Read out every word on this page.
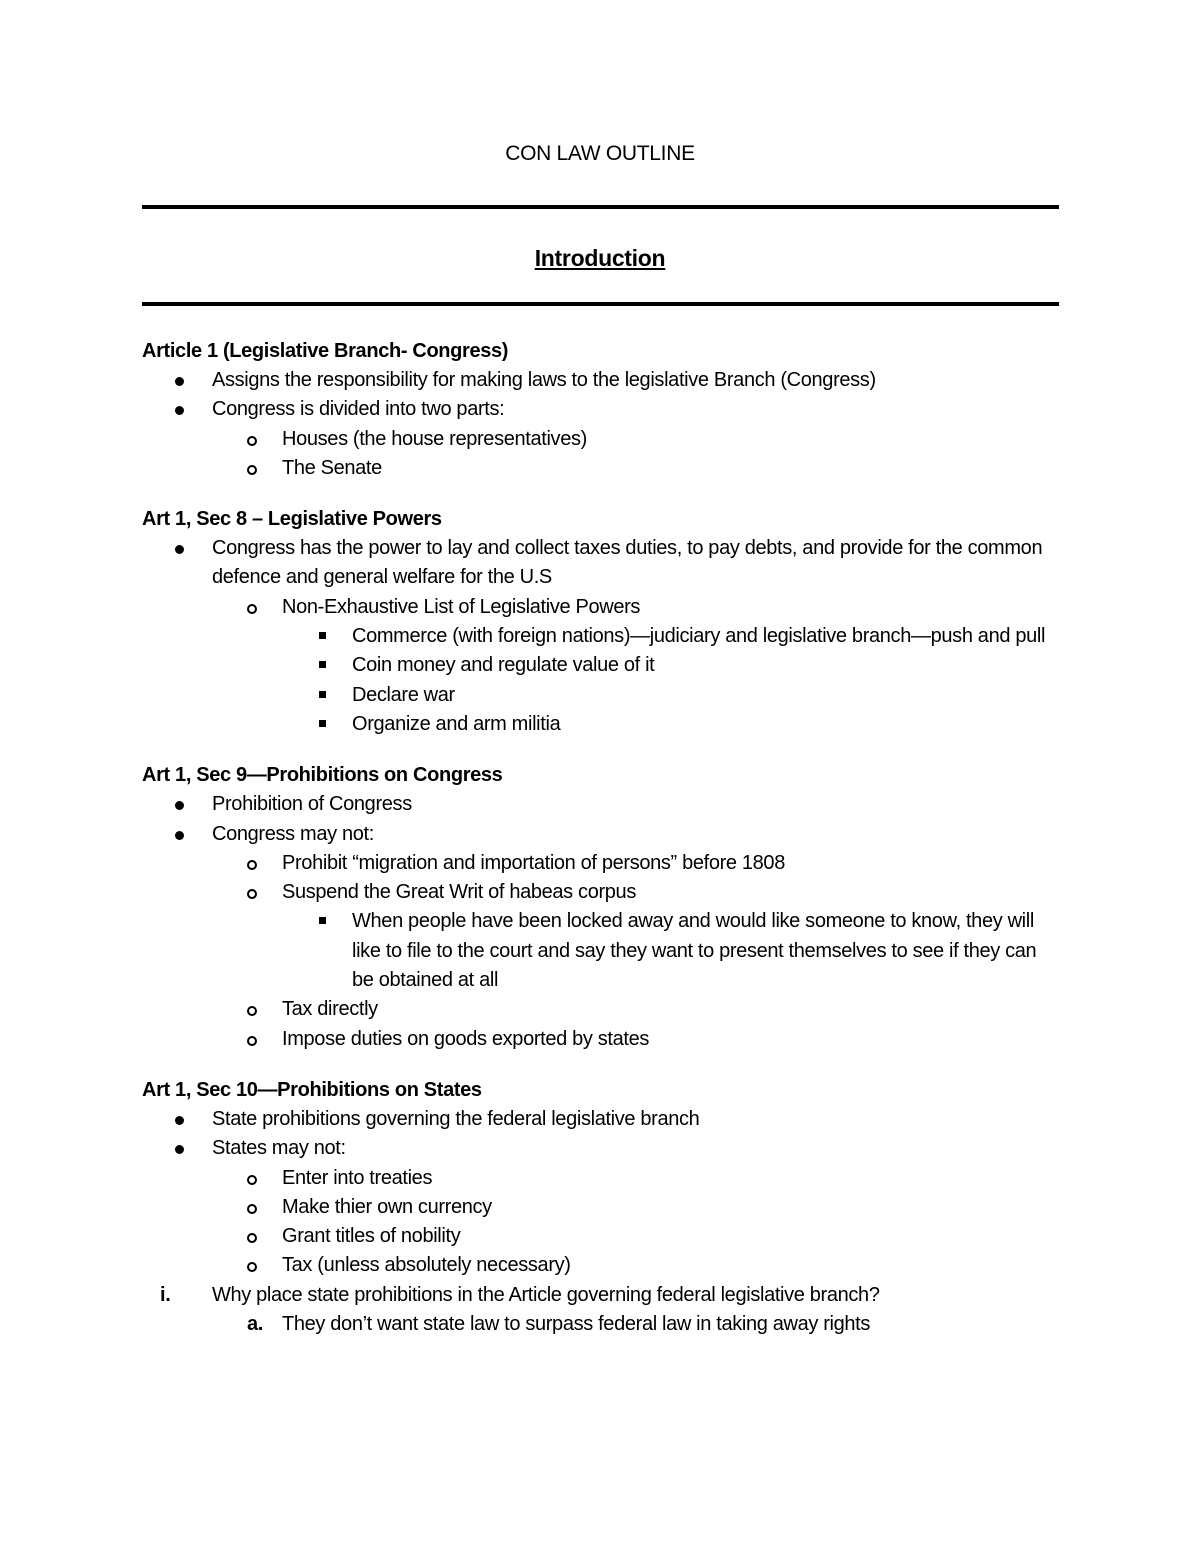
CON LAW OUTLINE
Introduction
Article 1 (Legislative Branch- Congress)
Assigns the responsibility for making laws to the legislative Branch (Congress)
Congress is divided into two parts:
Houses (the house representatives)
The Senate
Art 1, Sec 8 – Legislative Powers
Congress has the power to lay and collect taxes duties, to pay debts, and provide for the common defence and general welfare for the U.S
Non-Exhaustive List of Legislative Powers
Commerce (with foreign nations)—judiciary and legislative branch—push and pull
Coin money and regulate value of it
Declare war
Organize and arm militia
Art 1, Sec 9—Prohibitions on Congress
Prohibition of Congress
Congress may not:
Prohibit “migration and importation of persons” before 1808
Suspend the Great Writ of habeas corpus
When people have been locked away and would like someone to know, they will like to file to the court and say they want to present themselves to see if they can be obtained at all
Tax directly
Impose duties on goods exported by states
Art 1, Sec 10—Prohibitions on States
State prohibitions governing the federal legislative branch
States may not:
Enter into treaties
Make thier own currency
Grant titles of nobility
Tax (unless absolutely necessary)
i. Why place state prohibitions in the Article governing federal legislative branch?
a. They don’t want state law to surpass federal law in taking away rights
